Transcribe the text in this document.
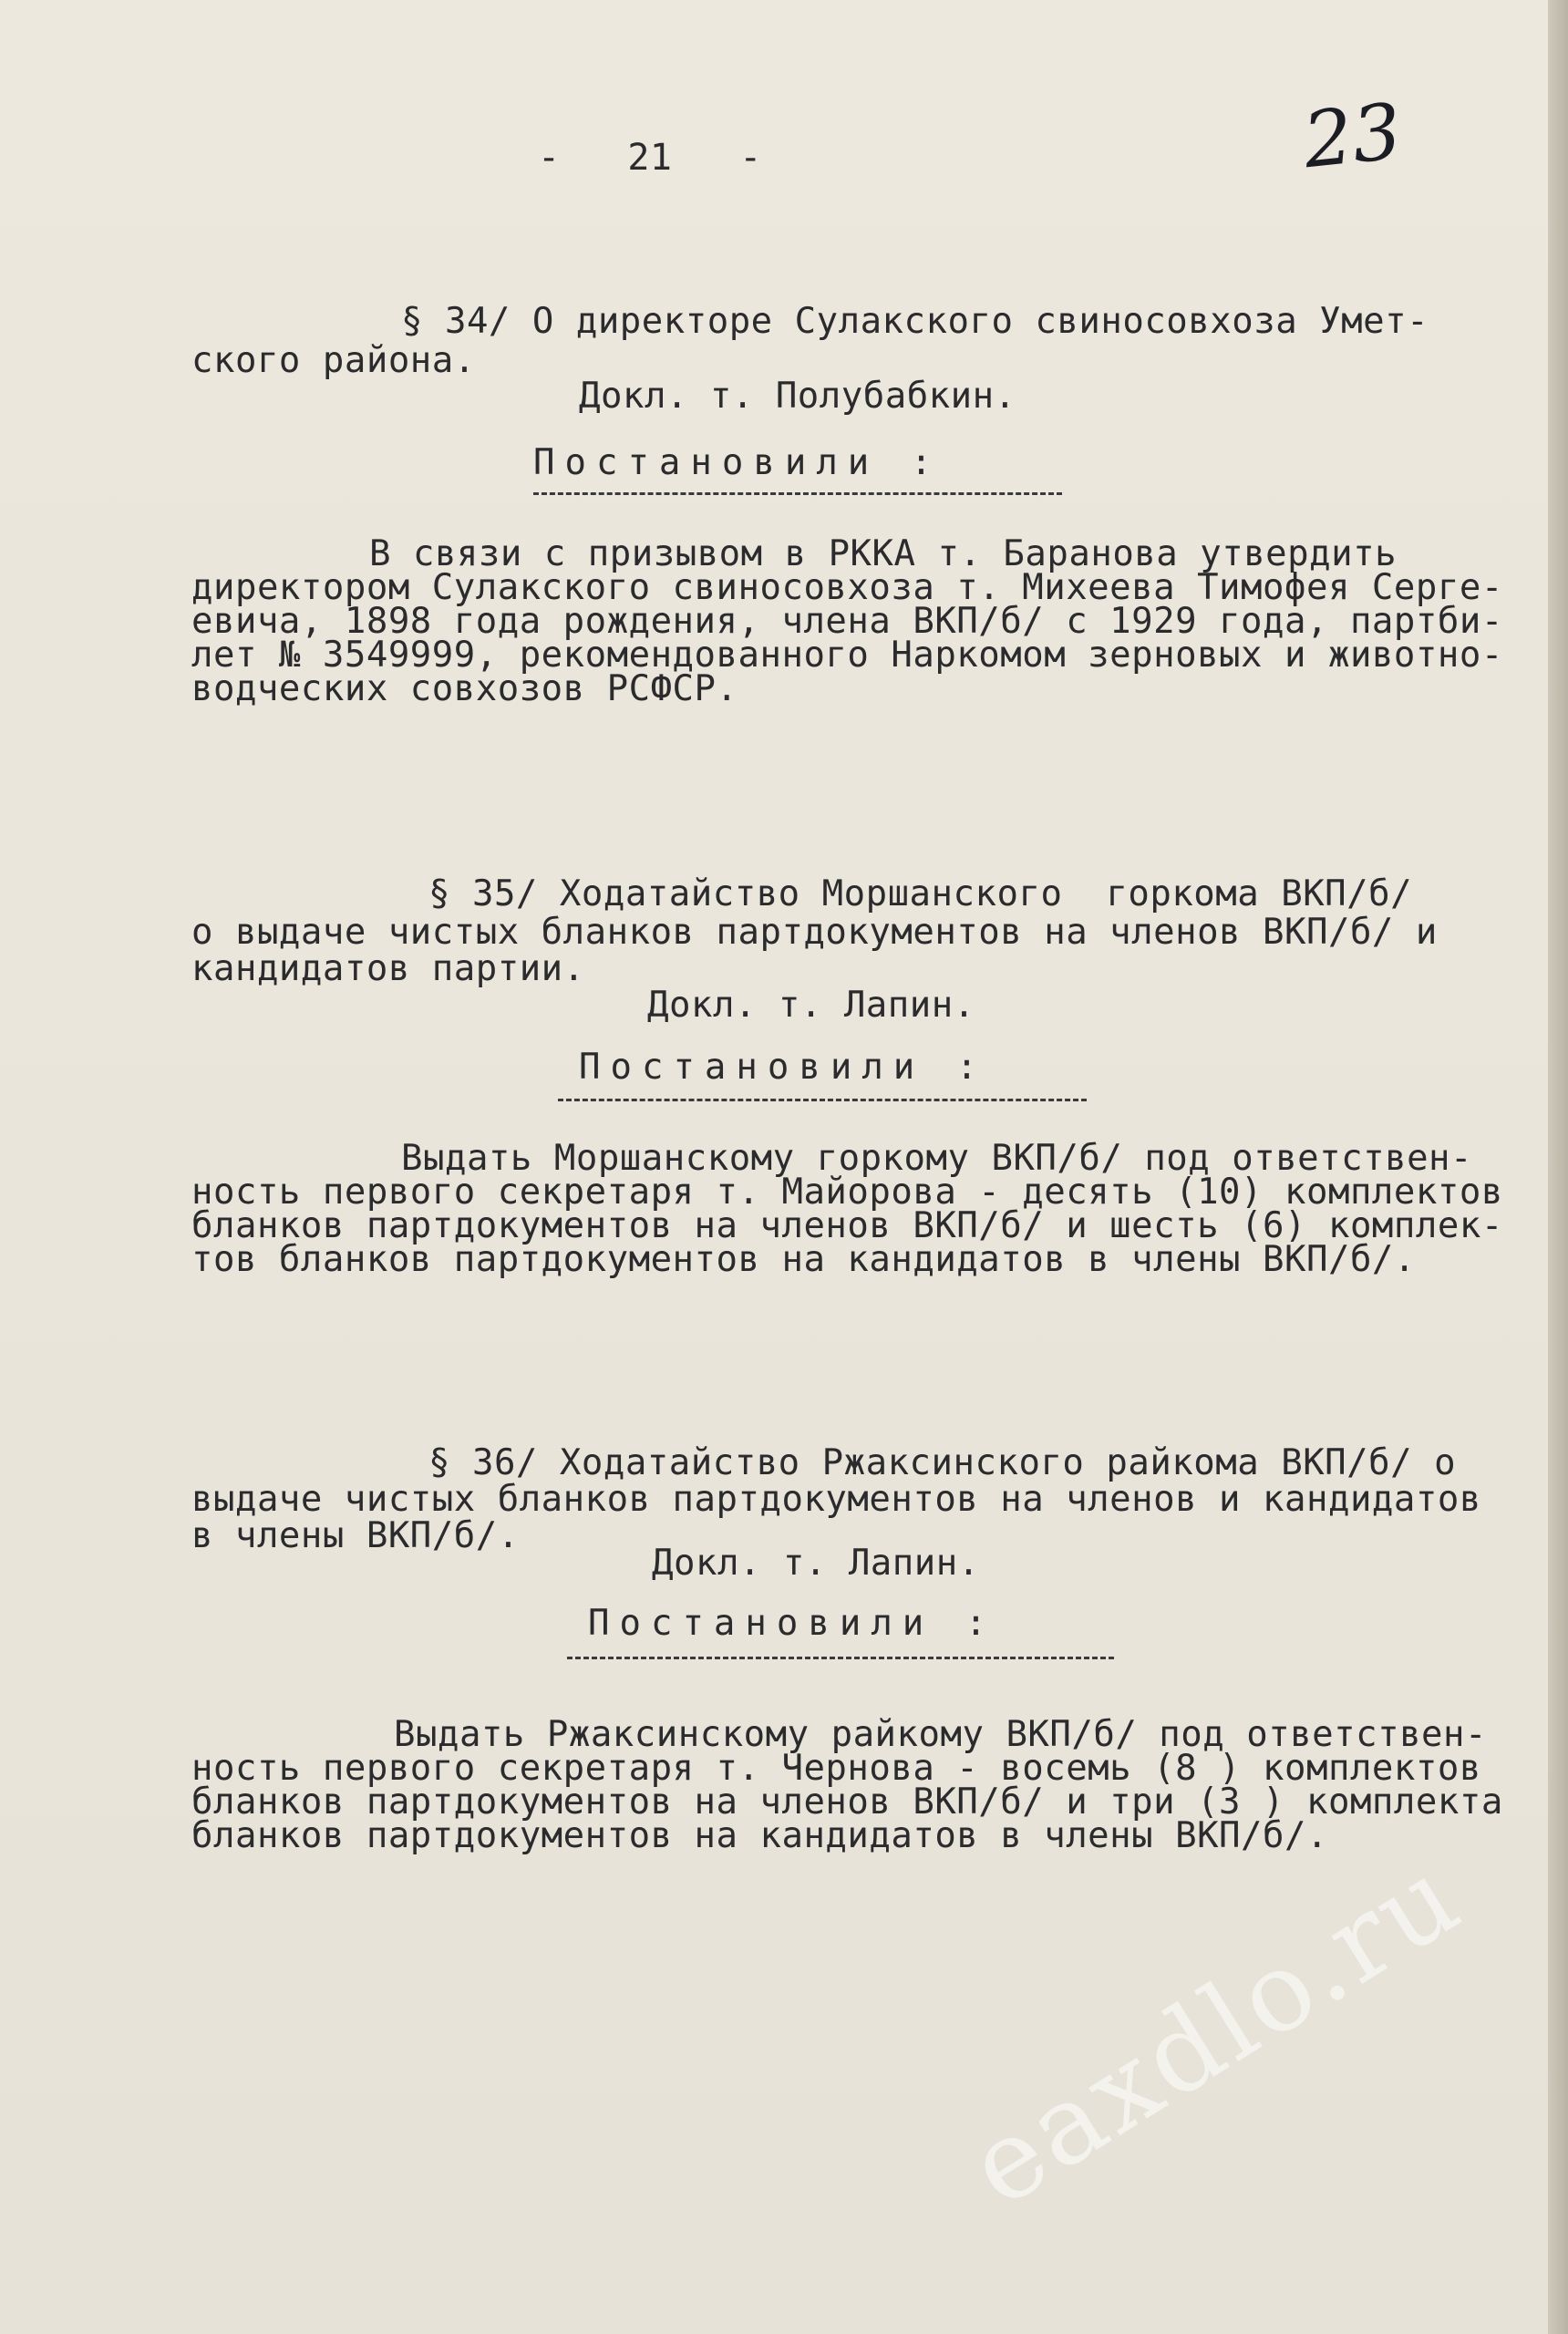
-   21   -	23
§ 34/ О директоре Сулакского свиносовхоза Умет-
ского района.
Докл. т. Полубабкин.
Постановили :
В связи с призывом в РККА т. Баранова утвердить
директором Сулакского свиносовхоза т. Михеева Тимофея Серге-
евича, 1898 года рождения, члена ВКП/б/ с 1929 года, партби-
лет № 3549999, рекомендованного Наркомом зерновых и животно-
водческих совхозов РСФСР.
§ 35/ Ходатайство Моршанского  горкома ВКП/б/
о выдаче чистых бланков партдокументов на членов ВКП/б/ и
кандидатов партии.
Докл. т. Лапин.
Постановили :
Выдать Моршанскому горкому ВКП/б/ под ответствен-
ность первого секретаря т. Майорова - десять (10) комплектов
бланков партдокументов на членов ВКП/б/ и шесть (6) комплек-
тов бланков партдокументов на кандидатов в члены ВКП/б/.
§ 36/ Ходатайство Ржаксинского райкома ВКП/б/ о
выдаче чистых бланков партдокументов на членов и кандидатов
в члены ВКП/б/.
Докл. т. Лапин.
Постановили :
Выдать Ржаксинскому райкому ВКП/б/ под ответствен-
ность первого секретаря т. Чернова - восемь (8 ) комплектов
бланков партдокументов на членов ВКП/б/ и три (3 ) комплекта
бланков партдокументов на кандидатов в члены ВКП/б/.
eaxdlo.ru
